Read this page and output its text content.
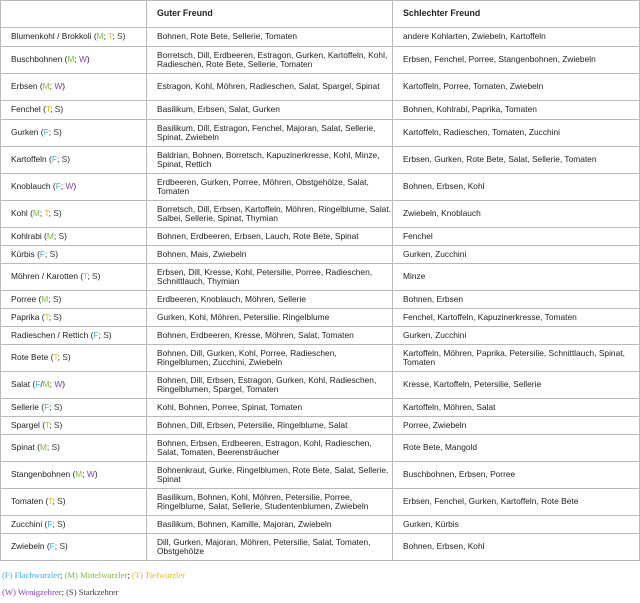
	Guter Freund	Schlechter Freund
Blumenkohl / Brokkoli (M; T; S)	Bohnen, Rote Bete, Sellerie, Tomaten	andere Kohlarten, Zwiebeln, Kartoffeln
Buschbohnen (M; W)	Borretsch, Dill, Erdbeeren, Estragon, Gurken, Kartoffeln, Kohl, Radieschen, Rote Bete, Sellerie, Tomaten	Erbsen, Fenchel, Porree, Stangenbohnen, Zwiebeln
Erbsen (M; W)	Estragon, Kohl, Möhren, Radieschen, Salat, Spargel, Spinat	Kartoffeln, Porree, Tomaten, Zwiebeln
Fenchel (T; S)	Basilikum, Erbsen, Salat, Gurken	Bohnen, Kohlrabi, Paprika, Tomaten
Gurken (F; S)	Basilikum, Dill, Estragon, Fenchel, Majoran, Salat, Sellerie, Spinat, Zwiebeln	Kartoffeln, Radieschen, Tomaten, Zucchini
Kartoffeln (F; S)	Baldrian, Bohnen, Borretsch, Kapuzinerkresse, Kohl, Minze, Spinat, Rettich	Erbsen, Gurken, Rote Bete, Salat, Sellerie, Tomaten
Knoblauch (F; W)	Erdbeeren, Gurken, Porree, Möhren, Obstgehölze, Salat, Tomaten	Bohnen, Erbsen, Kohl
Kohl (M; T; S)	Borretsch, Dill, Erbsen, Kartoffeln, Möhren, Ringelblume, Salat. Salbei, Sellerie, Spinat, Thymian	Zwiebeln, Knoblauch
Kohlrabi (M; S)	Bohnen, Erdbeeren, Erbsen, Lauch, Rote Bete, Spinat	Fenchel
Kürbis (F; S)	Bohnen, Mais, Zwiebeln	Gurken, Zucchini
Möhren / Karotten (T; S)	Erbsen, Dill, Kresse, Kohl, Petersilie, Porree, Radieschen, Schnittlauch, Thymian	Minze
Porree (M; S)	Erdbeeren, Knoblauch, Möhren, Sellerie	Bohnen, Erbsen
Paprika (T; S)	Gurken, Kohl, Möhren, Petersilie. Ringelblume	Fenchel, Kartoffeln, Kapuzinerkresse, Tomaten
Radieschen / Rettich (F; S)	Bohnen, Erdbeeren, Kresse, Möhren, Salat, Tomaten	Gurken, Zucchini
Rote Bete (T; S)	Bohnen, Dill, Gurken, Kohl, Porree, Radieschen, Ringelblumen, Zucchini, Zwiebeln	Kartoffeln, Möhren, Paprika, Petersilie, Schnittlauch, Spinat, Tomaten
Salat (F/M; W)	Bohnen, Dill, Erbsen, Estragon, Gurken, Kohl, Radieschen, Ringelblumen, Spargel, Tomaten	Kresse, Kartoffeln, Petersilie, Sellerie
Sellerie (F; S)	Kohl, Bohnen, Porree, Spinat, Tomaten	Kartoffeln, Möhren, Salat
Spargel (T; S)	Bohnen, Dill, Erbsen, Petersilie, Ringelblume, Salat	Porree, Zwiebeln
Spinat (M; S)	Bohnen, Erbsen, Erdbeeren, Estragon, Kohl, Radieschen, Salat, Tomaten, Beerensträucher	Rote Bete, Mangold
Stangenbohnen (M; W)	Bohnenkraut, Gurke, Ringelblumen, Rote Bete, Salat, Sellerie, Spinat	Buschbohnen, Erbsen, Porree
Tomaten (T; S)	Basilikum, Bohnen, Kohl, Möhren, Petersilie, Porree, Ringelblume, Salat, Sellerie, Studentenblumen, Zwiebeln	Erbsen, Fenchel, Gurken, Kartoffeln, Rote Bete
Zucchini (F; S)	Basilikum, Bohnen, Kamille, Majoran, Zwiebeln	Gurken, Kürbis
Zwiebeln (F; S)	Dill, Gurken, Majoran, Möhren, Petersilie, Salat, Tomaten, Obstgehölze	Bohnen, Erbsen, Kohl
(F) Flachwurzler; (M) Mittelwurzler; (T) Tiefwurzler
(W) Wenigzehrer; (S) Starkzehrer
